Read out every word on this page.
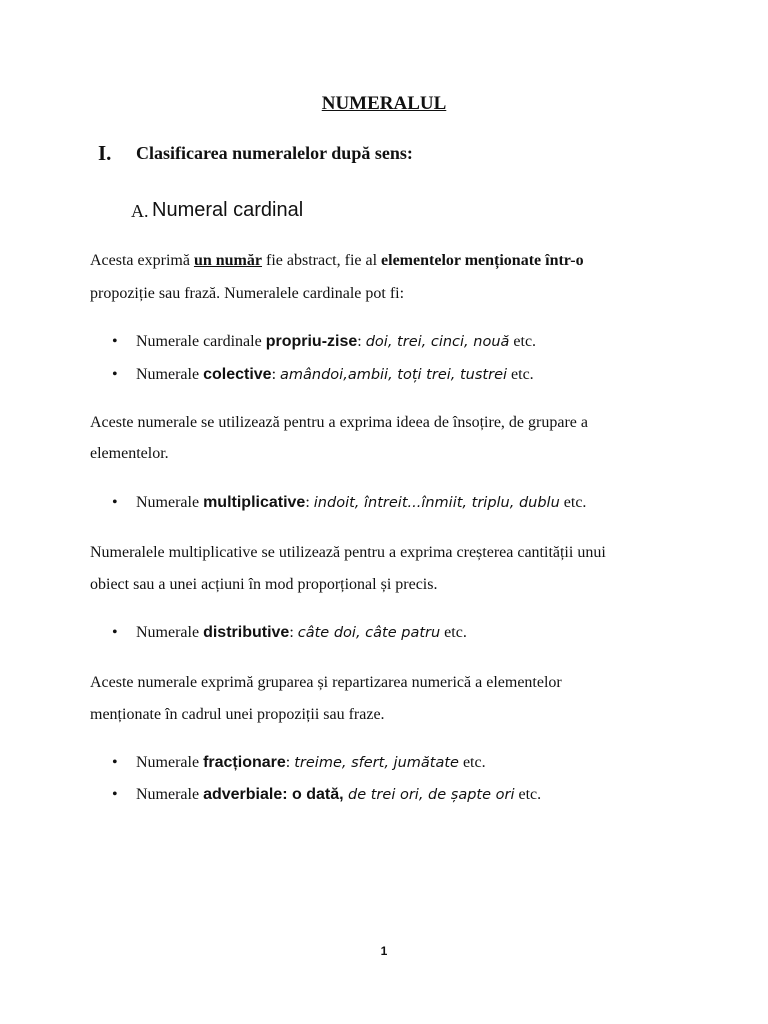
NUMERALUL
I. Clasificarea numeralelor după sens:
A. Numeral cardinal
Acesta exprimă un număr fie abstract, fie al elementelor menționate într-o
propoziție sau frază. Numeralele cardinale pot fi:
• Numerale cardinale propriu-zise: doi, trei, cinci, nouă etc.
• Numerale colective: amândoi,ambii, toți trei, tustrei etc.
Aceste numerale se utilizează pentru a exprima ideea de însoțire, de grupare a
elementelor.
• Numerale multiplicative: indoit, întreit...înmiit, triplu, dublu etc.
Numeralele multiplicative se utilizează pentru a exprima creșterea cantității unui
obiect sau a unei acțiuni în mod proporțional și precis.
• Numerale distributive: câte doi, câte patru etc.
Aceste numerale exprimă gruparea și repartizarea numerică a elementelor
menționate în cadrul unei propoziții sau fraze.
• Numerale fracționare: treime, sfert, jumătate etc.
• Numerale adverbiale: o dată, de trei ori, de șapte ori etc.
1
